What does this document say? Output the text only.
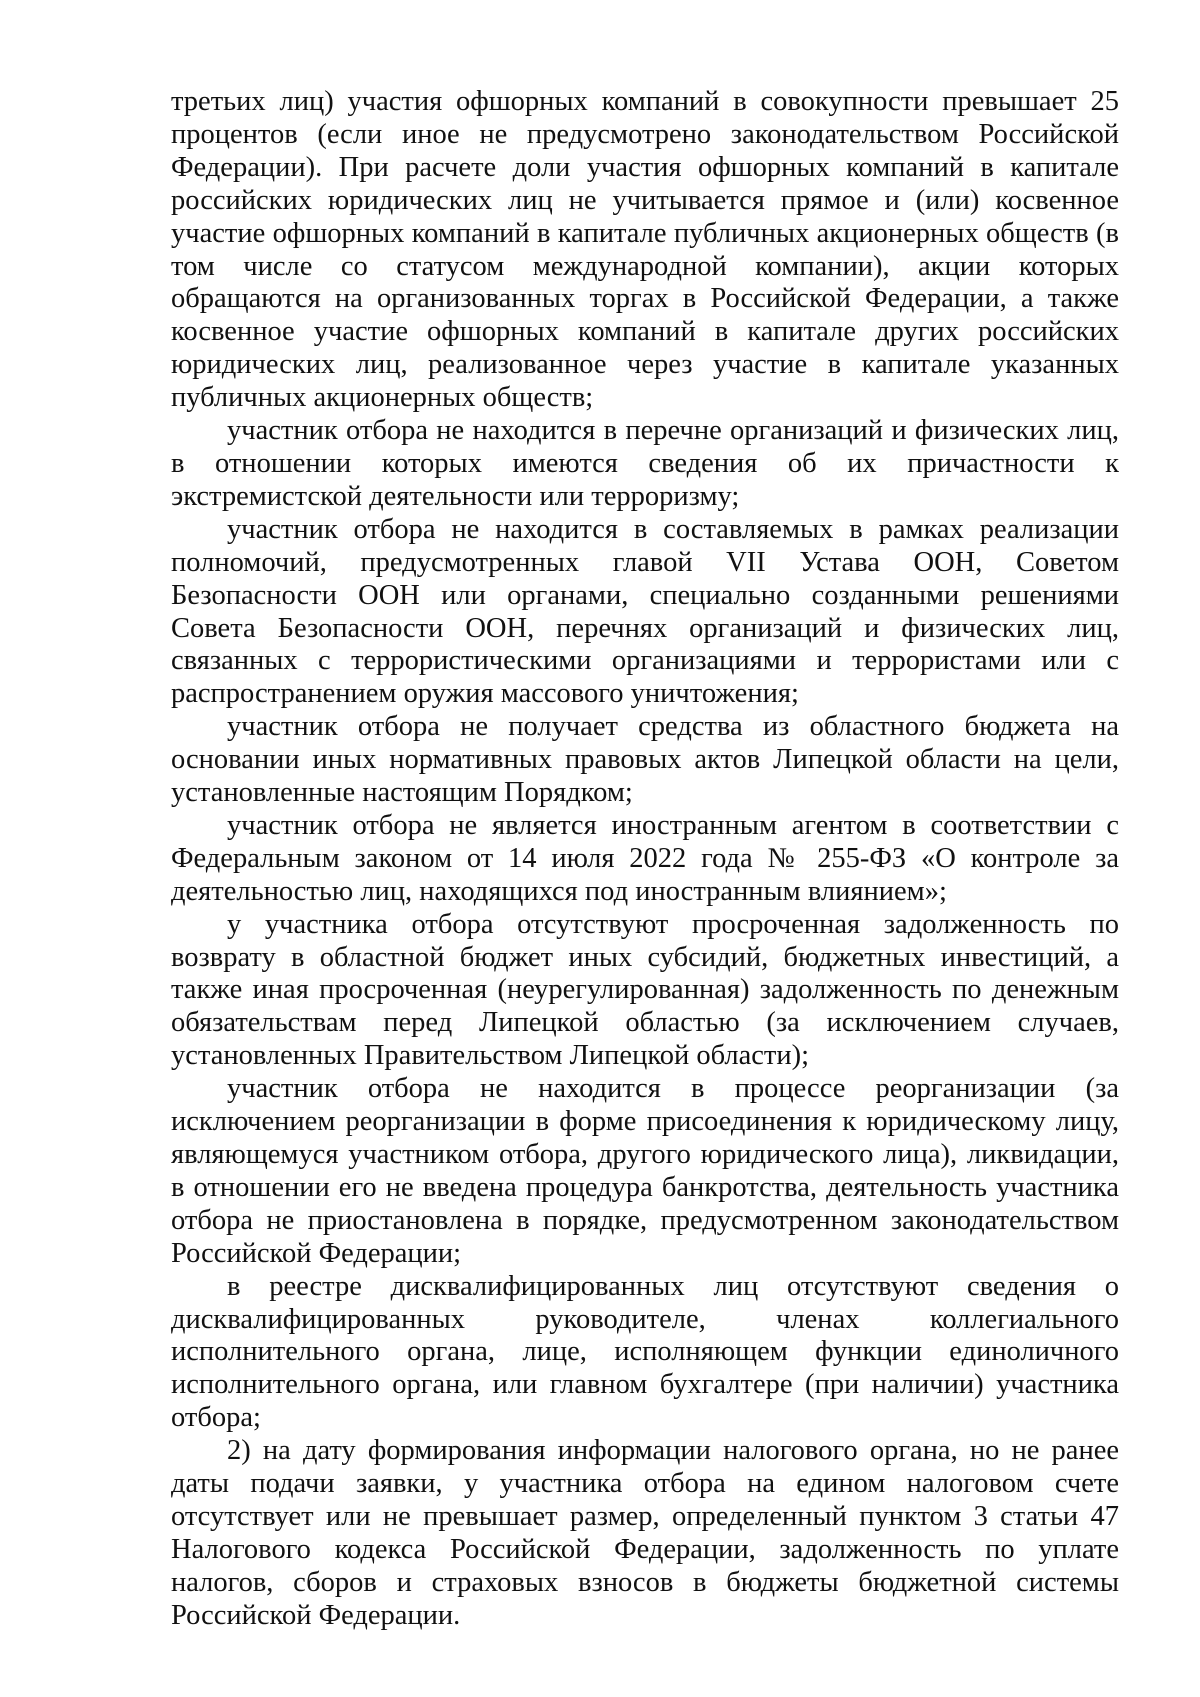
третьих лиц) участия офшорных компаний в совокупности превышает 25 процентов (если иное не предусмотрено законодательством Российской Федерации). При расчете доли участия офшорных компаний в капитале российских юридических лиц не учитывается прямое и (или) косвенное участие офшорных компаний в капитале публичных акционерных обществ (в том числе со статусом международной компании), акции которых обращаются на организованных торгах в Российской Федерации, а также косвенное участие офшорных компаний в капитале других российских юридических лиц, реализованное через участие в капитале указанных публичных акционерных обществ;

участник отбора не находится в перечне организаций и физических лиц, в отношении которых имеются сведения об их причастности к экстремистской деятельности или терроризму;

участник отбора не находится в составляемых в рамках реализации полномочий, предусмотренных главой VII Устава ООН, Советом Безопасности ООН или органами, специально созданными решениями Совета Безопасности ООН, перечнях организаций и физических лиц, связанных с террористическими организациями и террористами или с распространением оружия массового уничтожения;

участник отбора не получает средства из областного бюджета на основании иных нормативных правовых актов Липецкой области на цели, установленные настоящим Порядком;

участник отбора не является иностранным агентом в соответствии с Федеральным законом от 14 июля 2022 года № 255-ФЗ «О контроле за деятельностью лиц, находящихся под иностранным влиянием»;

у участника отбора отсутствуют просроченная задолженность по возврату в областной бюджет иных субсидий, бюджетных инвестиций, а также иная просроченная (неурегулированная) задолженность по денежным обязательствам перед Липецкой областью (за исключением случаев, установленных Правительством Липецкой области);

участник отбора не находится в процессе реорганизации (за исключением реорганизации в форме присоединения к юридическому лицу, являющемуся участником отбора, другого юридического лица), ликвидации, в отношении его не введена процедура банкротства, деятельность участника отбора не приостановлена в порядке, предусмотренном законодательством Российской Федерации;

в реестре дисквалифицированных лиц отсутствуют сведения о дисквалифицированных руководителе, членах коллегиального исполнительного органа, лице, исполняющем функции единоличного исполнительного органа, или главном бухгалтере (при наличии) участника отбора;

2) на дату формирования информации налогового органа, но не ранее даты подачи заявки, у участника отбора на едином налоговом счете отсутствует или не превышает размер, определенный пунктом 3 статьи 47 Налогового кодекса Российской Федерации, задолженность по уплате налогов, сборов и страховых взносов в бюджеты бюджетной системы Российской Федерации.
